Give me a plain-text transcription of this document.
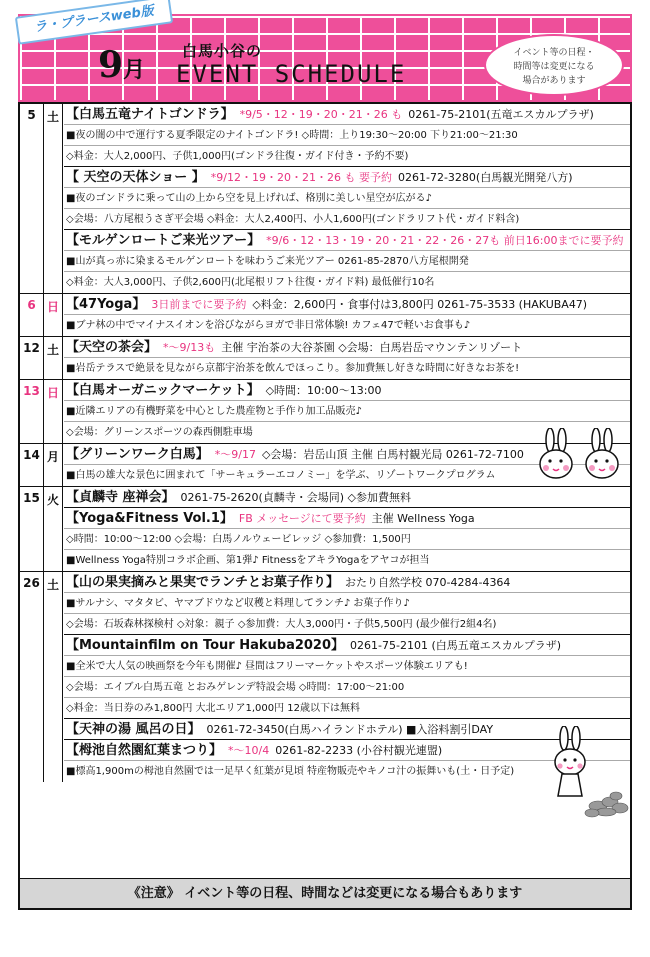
ラ・プラースweb版
白馬小谷の
9月 EVENT SCHEDULE
イベント等の日程・
時間等は変更になる
場合があります
5 土 【白馬五竜ナイトゴンドラ】 *9/5・12・19・20・21・26 も 0261-75-2101(五竜エスカルプラザ)
■夜の闇の中で運行する夏季限定のナイトゴンドラ! ◇時間：上り19:30～20:00 下り21:00～21:30
◇料金：大人2,000円、子供1,000円(ゴンドラ往復・ガイド付き・予約不要)
【 天空の天体ショー 】 *9/12・19・20・21・26 も 要予約 0261-72-3280(白馬観光開発八方)
■夜のゴンドラに乗って山の上から空を見上げれば、格別に美しい星空が広がる♪
◇会場：八方尾根うさぎ平会場 ◇料金：大人2,400円、小人1,600円(ゴンドラリフト代・ガイド料含)
【モルゲンロートご来光ツアー】 *9/6・12・13・19・20・21・22・26・27も 前日16:00までに要予約
■山が真っ赤に染まるモルゲンロートを味わうご来光ツアー 0261-85-2870八方尾根開発
◇料金：大人3,000円、子供2,600円(北尾根リフト往復・ガイド料) 最低催行10名
6 日 【47Yoga】 3日前までに要予約 ◇料金：2,600円・食事付は3,800円 0261-75-3533 (HAKUBA47)
■ブナ林の中でマイナスイオンを浴びながらヨガで非日常体験! カフェ47で軽いお食事も♪
12 土 【天空の茶会】 *～9/13も 主催 宇治茶の大谷茶園 ◇会場：白馬岩岳マウンテンリゾート
■岩岳テラスで絶景を見ながら京都宇治茶を飲んでほっこり。参加費無し好きな時間に好きなお茶を!
13 日 【白馬オーガニックマーケット】 ◇時間：10:00～13:00
■近隣エリアの有機野菜を中心とした農産物と手作り加工品販売♪
◇会場：グリーンスポーツの森西側駐車場
14 月 【グリーンワーク白馬】 *～9/17 ◇会場：岩岳山頂 主催 白馬村観光局 0261-72-7100
■白馬の雄大な景色に囲まれて「サーキュラーエコノミー」を学ぶ、リゾートワークプログラム
15 火 【貞麟寺 座禅会】 0261-75-2620(貞麟寺・会場同) ◇参加費無料
【Yoga&Fitness Vol.1】 FB メッセージにて要予約 主催 Wellness Yoga
◇時間：10:00～12:00 ◇会場：白馬ノルウェービレッジ ◇参加費：1,500円
■Wellness Yoga特別コラボ企画、第1弾♪ FitnessをアキラYogaをアヤコが担当
26 土 【山の果実摘みと果実でランチとお菓子作り】 おたり自然学校 070-4284-4364
■サルナシ、マタタビ、ヤマブドウなど収穫と料理してランチ♪ お菓子作り♪
◇会場：石坂森林探検村 ◇対象：親子 ◇参加費：大人3,000円・子供5,500円 (最少催行2組4名)
【Mountainfilm on Tour Hakuba2020】 0261-75-2101 (白馬五竜エスカルプラザ)
■全米で大人気の映画祭を今年も開催♪ 昼間はフリーマーケットやスポーツ体験エリアも!
◇会場：エイブル白馬五竜 とおみゲレンデ特設会場 ◇時間：17:00～21:00
◇料金：当日券のみ1,800円 大北エリア1,000円 12歳以下は無料
【天神の湯 風呂の日】 0261-72-3450(白馬ハイランドホテル) ■入浴料割引DAY
【栂池自然園紅葉まつり】 *～10/4 0261-82-2233 (小谷村観光連盟)
■標高1,900mの栂池自然園では一足早く紅葉が見頃 特産物販売やキノコ汁の振舞いも(土・日予定)
《注意》 イベント等の日程、時間などは変更になる場合もあります
